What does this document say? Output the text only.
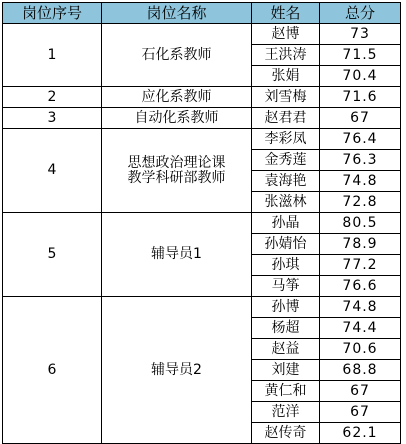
岗位序号	岗位名称	姓名	总分
1	石化系教师	赵博	73
		王洪涛	71.5
		张娟	70.4
2	应化系教师	刘雪梅	71.6
3	自动化系教师	赵君君	67
4	思想政治理论课
教学科研部教师	李彩凤	76.4
		金秀莲	76.3
		袁海艳	74.8
		张滋林	72.8
5	辅导员1	孙晶	80.5
		孙婧怡	78.9
		孙琪	77.2
		马筝	76.6
6	辅导员2	孙博	74.8
		杨超	74.4
		赵益	70.6
		刘建	68.8
		黄仁和	67
		范洋	67
		赵传奇	62.1
